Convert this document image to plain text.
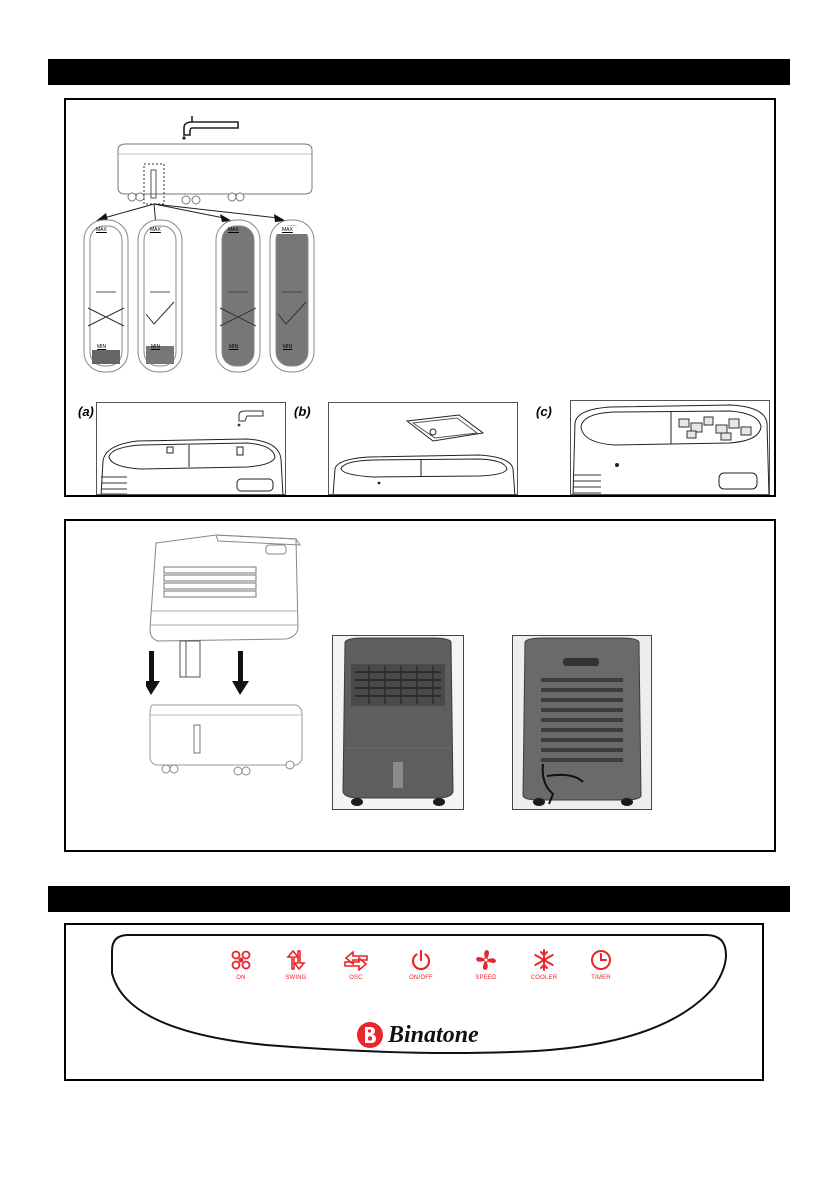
MAX	MAX	MAX	MAX
MIN	MIN	MIN	MIN
(a)	(b)	(c)
ON	SWING	OSC	ON/OFF	SPEED	COOLER	TIMER
Binatone
